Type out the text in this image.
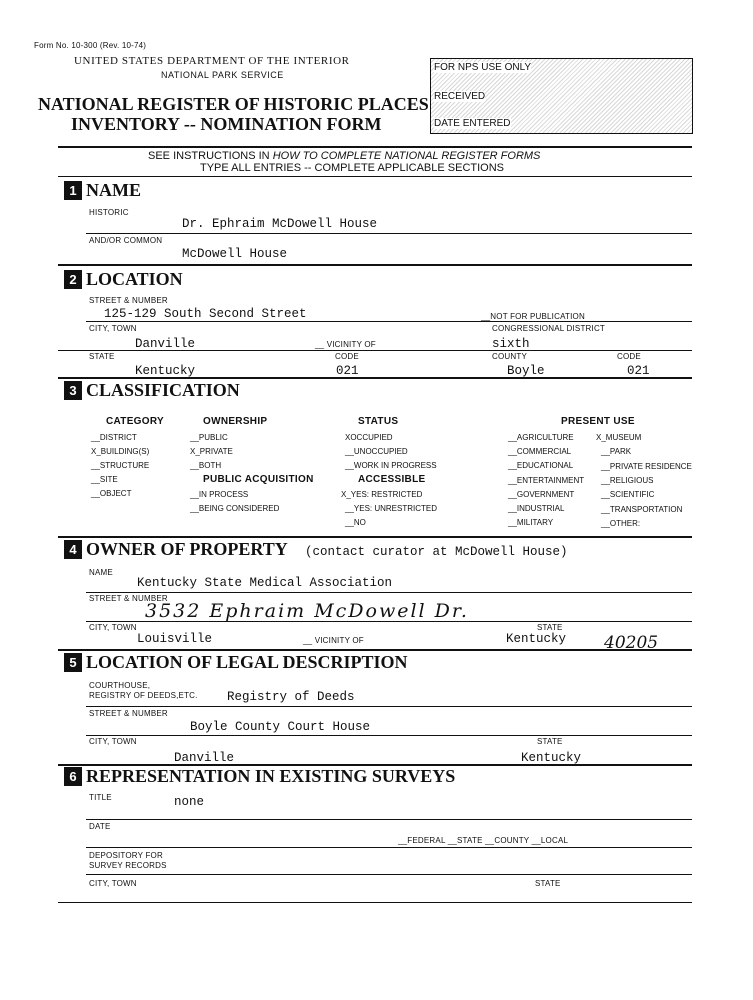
Form No. 10-300 (Rev. 10-74)
UNITED STATES DEPARTMENT OF THE INTERIOR
NATIONAL PARK SERVICE
NATIONAL REGISTER OF HISTORIC PLACES
INVENTORY -- NOMINATION FORM
FOR NPS USE ONLY
RECEIVED
DATE ENTERED
SEE INSTRUCTIONS IN HOW TO COMPLETE NATIONAL REGISTER FORMS
TYPE ALL ENTRIES -- COMPLETE APPLICABLE SECTIONS
1 NAME
HISTORIC
Dr. Ephraim McDowell House
AND/OR COMMON
McDowell House
2 LOCATION
STREET & NUMBER
125-129 South Second Street	__NOT FOR PUBLICATION
CITY, TOWN	CONGRESSIONAL DISTRICT
Danville	__ VICINITY OF	sixth
STATE	CODE	COUNTY	CODE
Kentucky	021	Boyle	021
3 CLASSIFICATION
CATEGORY
__DISTRICT
X_BUILDING(S)
__STRUCTURE
__SITE
__OBJECT
OWNERSHIP
__PUBLIC
X_PRIVATE
__BOTH
PUBLIC ACQUISITION
__IN PROCESS
__BEING CONSIDERED
STATUS
XOCCUPIED
__UNOCCUPIED
__WORK IN PROGRESS
ACCESSIBLE
X_YES: RESTRICTED
__YES: UNRESTRICTED
__NO
PRESENT USE
__AGRICULTURE
__COMMERCIAL
__EDUCATIONAL
__ENTERTAINMENT
__GOVERNMENT
__INDUSTRIAL
__MILITARY
X_MUSEUM
__PARK
__PRIVATE RESIDENCE
__RELIGIOUS
__SCIENTIFIC
__TRANSPORTATION
__OTHER:
4 OWNER OF PROPERTY (contact curator at McDowell House)
NAME
Kentucky State Medical Association
STREET & NUMBER
3532 Ephraim McDowell Dr.
CITY, TOWN	STATE
Louisville	__ VICINITY OF	Kentucky 40205
5 LOCATION OF LEGAL DESCRIPTION
COURTHOUSE,
REGISTRY OF DEEDS,ETC. Registry of Deeds
STREET & NUMBER
Boyle County Court House
CITY, TOWN	STATE
Danville	Kentucky
6 REPRESENTATION IN EXISTING SURVEYS
TITLE	none
DATE
__FEDERAL __STATE __COUNTY __LOCAL
DEPOSITORY FOR
SURVEY RECORDS
CITY, TOWN	STATE
